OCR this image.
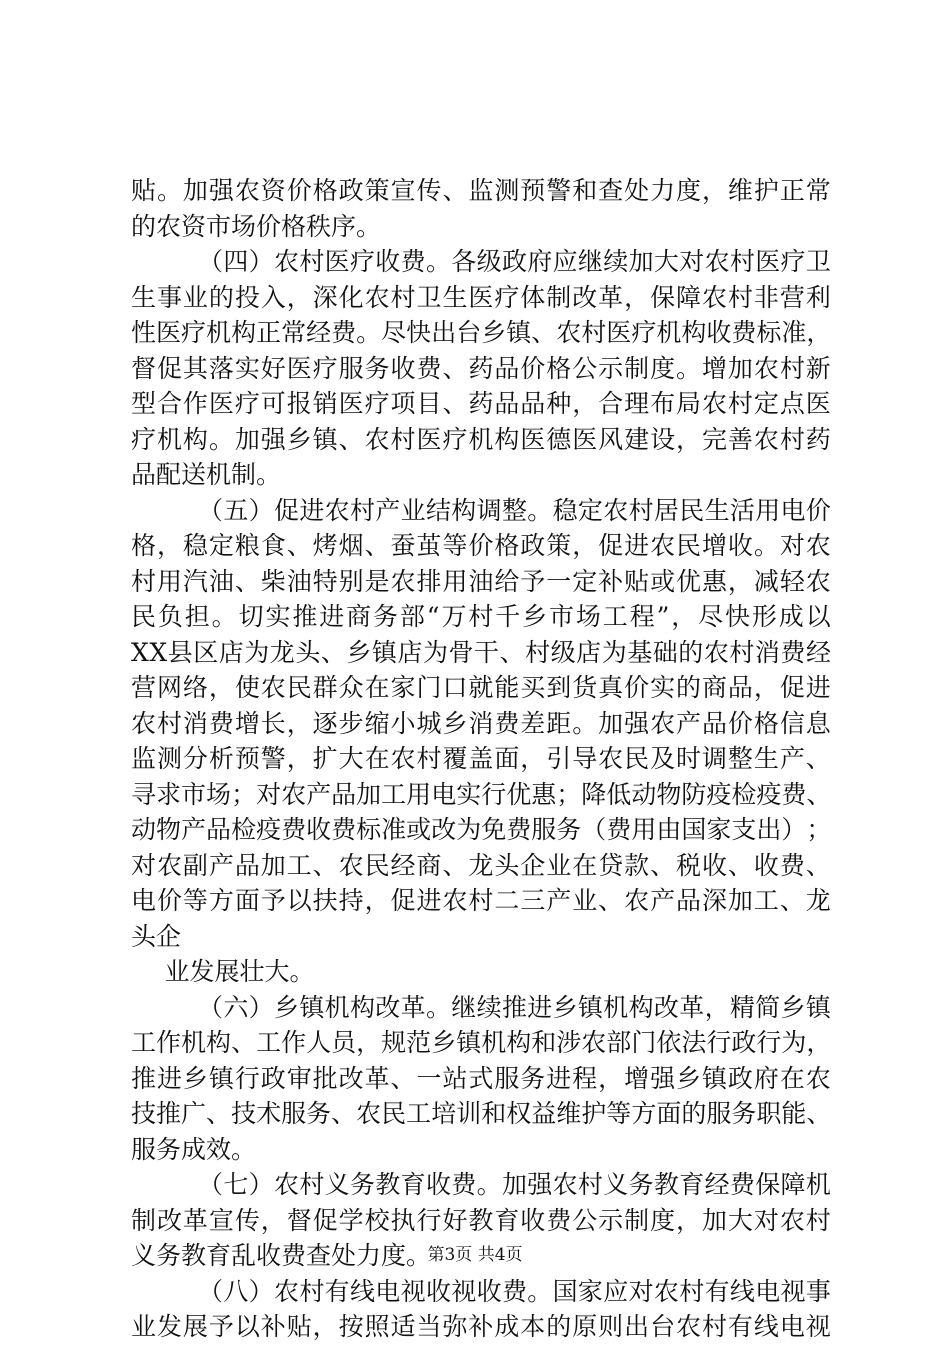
贴 。 加 强 农 资 价 格 政 策 宣 传 、 监 测 预 警 和 查 处 力 度 ， 维 护 正 常
的农资市场价格秩序。
（ 四 ） 农 村 医 疗 收 费 。 各 级 政 府 应 继 续 加 大 对 农 村 医 疗 卫
生 事 业 的 投 入 ， 深 化 农 村 卫 生 医 疗 体 制 改 革 ， 保 障 农 村 非 营 利
性 医 疗 机 构 正 常 经 费 。 尽 快 出 台 乡 镇 、 农 村 医 疗 机 构 收 费 标 准 ，
督 促 其 落 实 好 医 疗 服 务 收 费 、 药 品 价 格 公 示 制 度 。 增 加 农 村 新
型 合 作 医 疗 可 报 销 医 疗 项 目 、 药 品 品 种 ， 合 理 布 局 农 村 定 点 医
疗 机 构 。 加 强 乡 镇 、 农 村 医 疗 机 构 医 德 医 风 建 设 ， 完 善 农 村 药
品配送机制。
（ 五 ） 促 进 农 村 产 业 结 构 调 整 。 稳 定 农 村 居 民 生 活 用 电 价
格 ， 稳 定 粮 食 、 烤 烟 、 蚕 茧 等 价 格 政 策 ， 促 进 农 民 增 收 。 对 农
村 用 汽 油 、 柴 油 特 别 是 农 排 用 油 给 予 一 定 补 贴 或 优 惠 ， 减 轻 农
民 负 担 。 切 实 推 进 商 务 部 “ 万 村 千 乡 市 场 工 程 ” ， 尽 快 形 成 以
X X 县 区 店 为 龙 头 、 乡 镇 店 为 骨 干 、 村 级 店 为 基 础 的 农 村 消 费 经
营 网 络 ， 使 农 民 群 众 在 家 门 口 就 能 买 到 货 真 价 实 的 商 品 ， 促 进
农 村 消 费 增 长 ， 逐 步 缩 小 城 乡 消 费 差 距 。 加 强 农 产 品 价 格 信 息
监 测 分 析 预 警 ， 扩 大 在 农 村 覆 盖 面 ， 引 导 农 民 及 时 调 整 生 产 、
寻 求 市 场 ； 对 农 产 品 加 工 用 电 实 行 优 惠 ； 降 低 动 物 防 疫 检 疫 费 、
动 物 产 品 检 疫 费 收 费 标 准 或 改 为 免 费 服 务 （ 费 用 由 国 家 支 出 ） ；
对 农 副 产 品 加 工 、 农 民 经 商 、 龙 头 企 业 在 贷 款 、 税 收 、 收 费 、
电 价 等 方 面 予 以 扶 持 ， 促 进 农 村 二 三 产 业 、 农 产 品 深 加 工 、 龙
头企
业发展壮大。
（ 六 ） 乡 镇 机 构 改 革 。 继 续 推 进 乡 镇 机 构 改 革 ， 精 简 乡 镇
工 作 机 构 、 工 作 人 员 ， 规 范 乡 镇 机 构 和 涉 农 部 门 依 法 行 政 行 为 ，
推 进 乡 镇 行 政 审 批 改 革 、 一 站 式 服 务 进 程 ， 增 强 乡 镇 政 府 在 农
技 推 广 、 技 术 服 务 、 农 民 工 培 训 和 权 益 维 护 等 方 面 的 服 务 职 能 、
服务成效。
（ 七 ） 农 村 义 务 教 育 收 费 。 加 强 农 村 义 务 教 育 经 费 保 障 机
制 改 革 宣 传 ， 督 促 学 校 执 行 好 教 育 收 费 公 示 制 度 ， 加 大 对 农 村
义务教育乱收费查处力度。
（ 八 ） 农 村 有 线 电 视 收 视 收 费 。 国 家 应 对 农 村 有 线 电 视 事
业 发 展 予 以 补 贴 ， 按 照 适 当 弥 补 成 本 的 原 则 出 台 农 村 有 线 电 视
第3页 共4页
